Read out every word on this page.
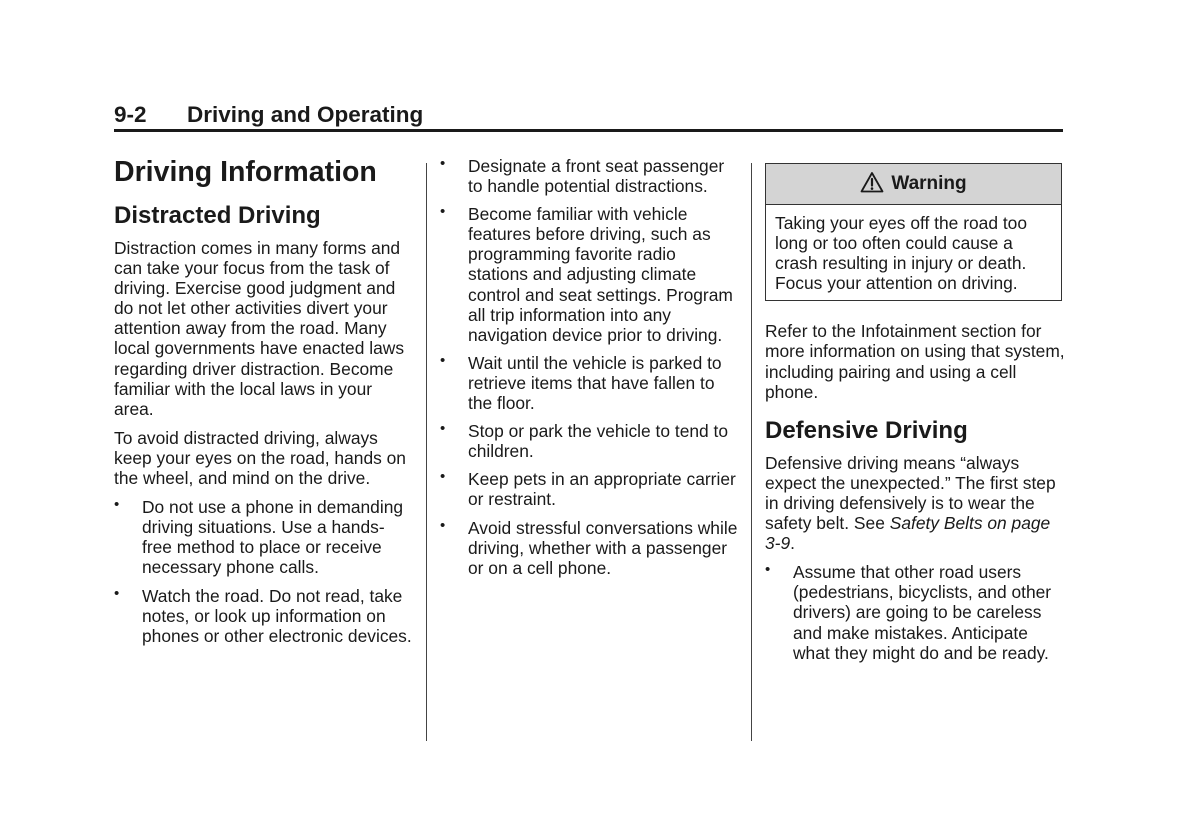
9-2 Driving and Operating
Driving Information
Distracted Driving

Distraction comes in many forms and can take your focus from the task of driving. Exercise good judgment and do not let other activities divert your attention away from the road. Many local governments have enacted laws regarding driver distraction. Become familiar with the local laws in your area.

To avoid distracted driving, always keep your eyes on the road, hands on the wheel, and mind on the drive.

• Do not use a phone in demanding driving situations. Use a hands-free method to place or receive necessary phone calls.
• Watch the road. Do not read, take notes, or look up information on phones or other electronic devices.
• Designate a front seat passenger to handle potential distractions.
• Become familiar with vehicle features before driving, such as programming favorite radio stations and adjusting climate control and seat settings. Program all trip information into any navigation device prior to driving.
• Wait until the vehicle is parked to retrieve items that have fallen to the floor.
• Stop or park the vehicle to tend to children.
• Keep pets in an appropriate carrier or restraint.
• Avoid stressful conversations while driving, whether with a passenger or on a cell phone.
Warning
Taking your eyes off the road too long or too often could cause a crash resulting in injury or death. Focus your attention on driving.

Refer to the Infotainment section for more information on using that system, including pairing and using a cell phone.

Defensive Driving

Defensive driving means “always expect the unexpected.” The first step in driving defensively is to wear the safety belt. See Safety Belts on page 3-9.

• Assume that other road users (pedestrians, bicyclists, and other drivers) are going to be careless and make mistakes. Anticipate what they might do and be ready.
